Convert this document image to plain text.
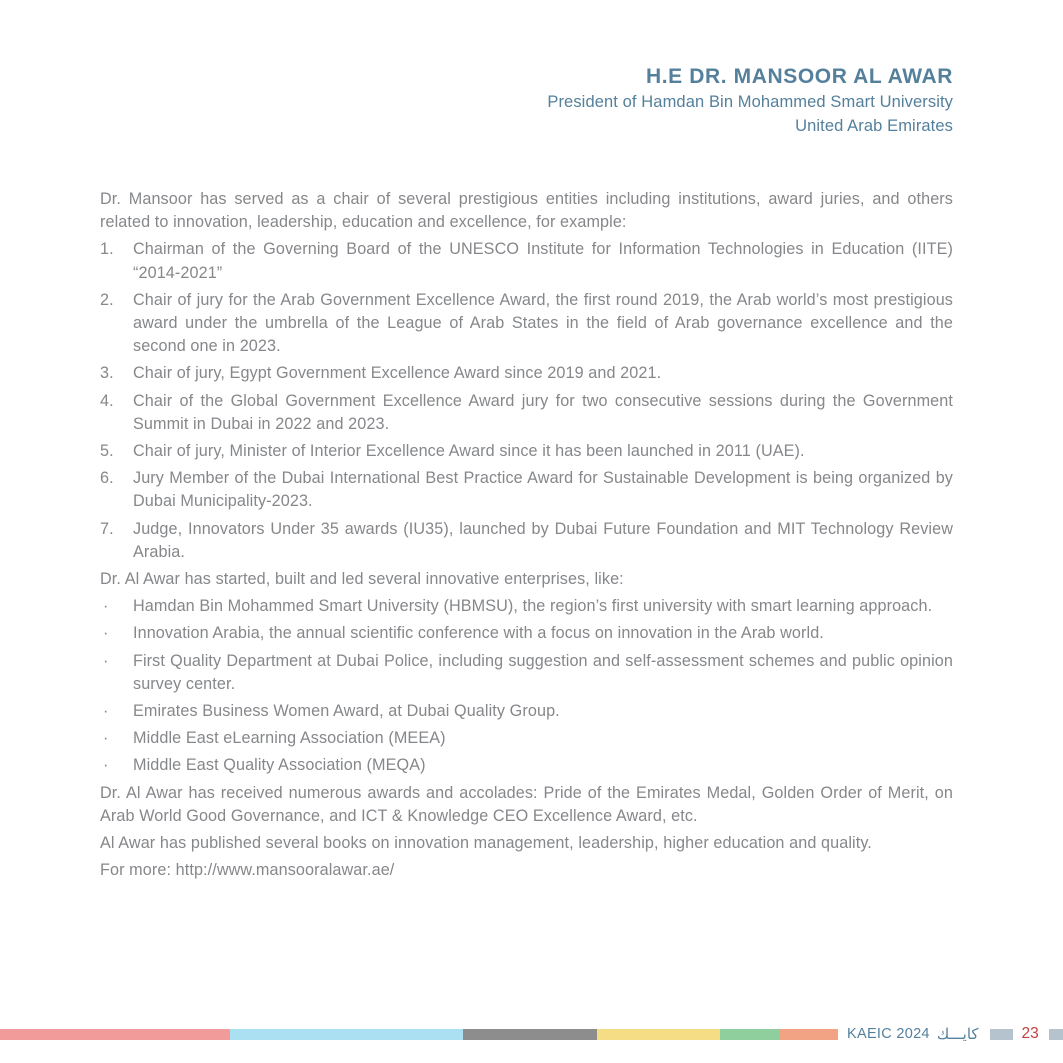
H.E DR. MANSOOR AL AWAR

President of Hamdan Bin Mohammed Smart University

United Arab Emirates

Dr. Mansoor has served as a chair of several prestigious entities including institutions, award juries, and others related to innovation, leadership, education and excellence, for example:

1. Chairman of the Governing Board of the UNESCO Institute for Information Technologies in Education (IITE) “2014-2021”
2. Chair of jury for the Arab Government Excellence Award, the first round 2019, the Arab world’s most prestigious award under the umbrella of the League of Arab States in the field of Arab governance excellence and the second one in 2023.
3. Chair of jury, Egypt Government Excellence Award since 2019 and 2021.
4. Chair of the Global Government Excellence Award jury for two consecutive sessions during the Government Summit in Dubai in 2022 and 2023.
5. Chair of jury, Minister of Interior Excellence Award since it has been launched in 2011 (UAE).
6. Jury Member of the Dubai International Best Practice Award for Sustainable Development is being organized by Dubai Municipality-2023.
7. Judge, Innovators Under 35 awards (IU35), launched by Dubai Future Foundation and MIT Technology Review Arabia.

Dr. Al Awar has started, built and led several innovative enterprises, like:

· Hamdan Bin Mohammed Smart University (HBMSU), the region’s first university with smart learning approach.
· Innovation Arabia, the annual scientific conference with a focus on innovation in the Arab world.
· First Quality Department at Dubai Police, including suggestion and self-assessment schemes and public opinion survey center.
· Emirates Business Women Award, at Dubai Quality Group.
· Middle East eLearning Association (MEEA)
· Middle East Quality Association (MEQA)

Dr. Al Awar has received numerous awards and accolades: Pride of the Emirates Medal, Golden Order of Merit, on Arab World Good Governance, and ICT & Knowledge CEO Excellence Award, etc.

Al Awar has published several books on innovation management, leadership, higher education and quality.

For more: http://www.mansooralawar.ae/

KAEIC 2024 كايـــك	23
